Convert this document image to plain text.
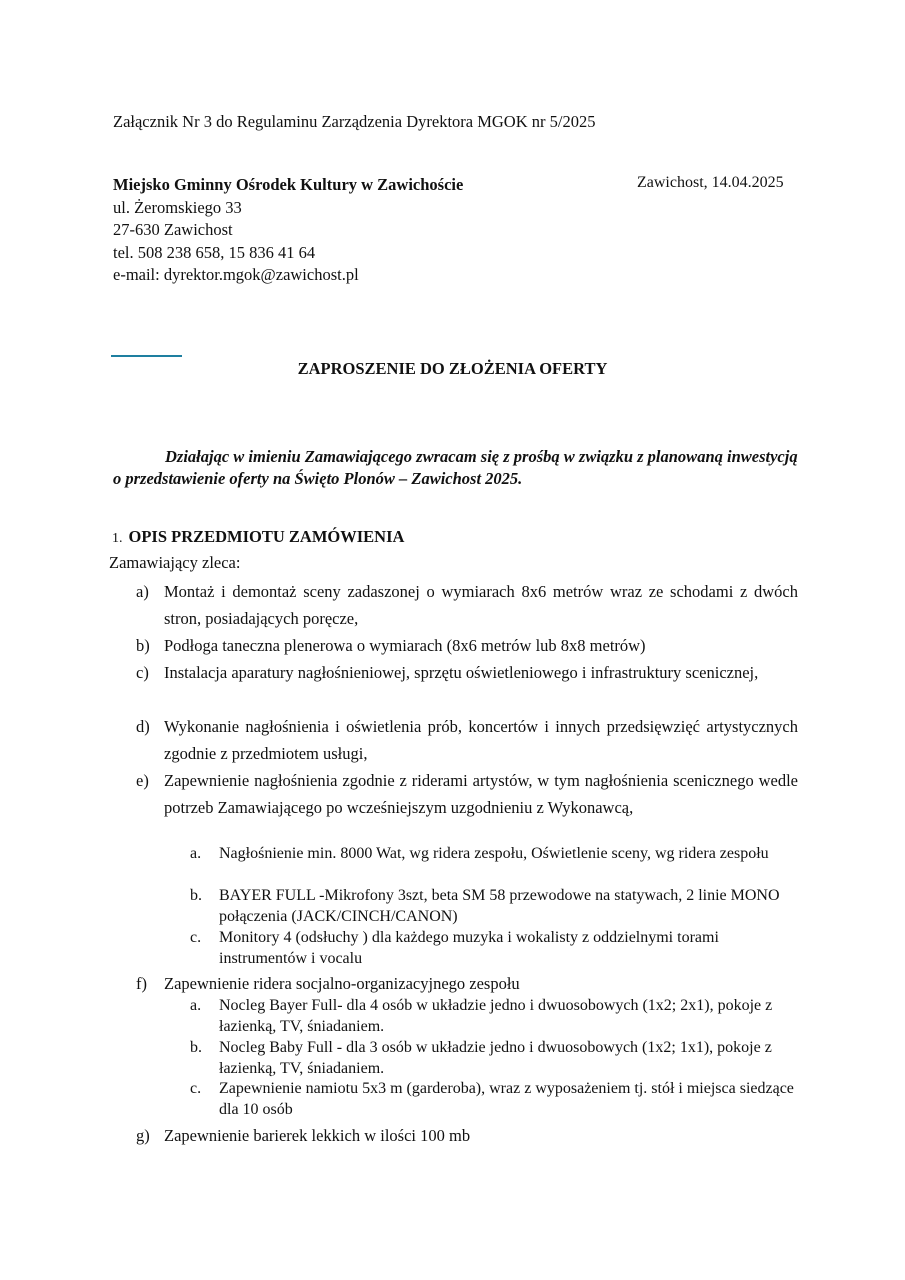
Załącznik Nr 3 do Regulaminu Zarządzenia Dyrektora MGOK nr 5/2025
Miejsko Gminny Ośrodek Kultury w Zawichoście
ul. Żeromskiego 33
27-630 Zawichost
tel. 508 238 658, 15 836 41 64
e-mail: dyrektor.mgok@zawichost.pl
Zawichost, 14.04.2025
ZAPROSZENIE DO ZŁOŻENIA OFERTY
Działając w imieniu Zamawiającego zwracam się z prośbą w związku z planowaną inwestycją o przedstawienie oferty na Święto Plonów – Zawichost 2025.
1. OPIS PRZEDMIOTU ZAMÓWIENIA
Zamawiający zleca:
a) Montaż i demontaż sceny zadaszonej o wymiarach 8x6 metrów wraz ze schodami z dwóch stron, posiadających poręcze,
b) Podłoga taneczna plenerowa o wymiarach (8x6 metrów lub 8x8 metrów)
c) Instalacja aparatury nagłośnieniowej, sprzętu oświetleniowego i infrastruktury scenicznej,
d) Wykonanie nagłośnienia i oświetlenia prób, koncertów i innych przedsięwzięć artystycznych zgodnie z przedmiotem usługi,
e) Zapewnienie nagłośnienia zgodnie z riderami artystów, w tym nagłośnienia scenicznego wedle potrzeb Zamawiającego po wcześniejszym uzgodnieniu z Wykonawcą,
a. Nagłośnienie min. 8000 Wat, wg ridera zespołu, Oświetlenie sceny, wg ridera zespołu
b. BAYER FULL -Mikrofony 3szt, beta SM 58 przewodowe na statywach, 2 linie MONO połączenia (JACK/CINCH/CANON)
c. Monitory 4 (odsłuchy ) dla każdego muzyka i wokalisty z oddzielnymi torami instrumentów i vocalu
f) Zapewnienie ridera socjalno-organizacyjnego zespołu
a. Nocleg Bayer Full- dla 4 osób w układzie jedno i dwuosobowych (1x2; 2x1), pokoje z łazienką, TV, śniadaniem.
b. Nocleg Baby Full - dla 3 osób w układzie jedno i dwuosobowych (1x2; 1x1), pokoje z łazienką, TV, śniadaniem.
c. Zapewnienie namiotu 5x3 m (garderoba), wraz z wyposażeniem tj. stół i miejsca siedzące dla 10 osób
g) Zapewnienie barierek lekkich w ilości 100 mb
